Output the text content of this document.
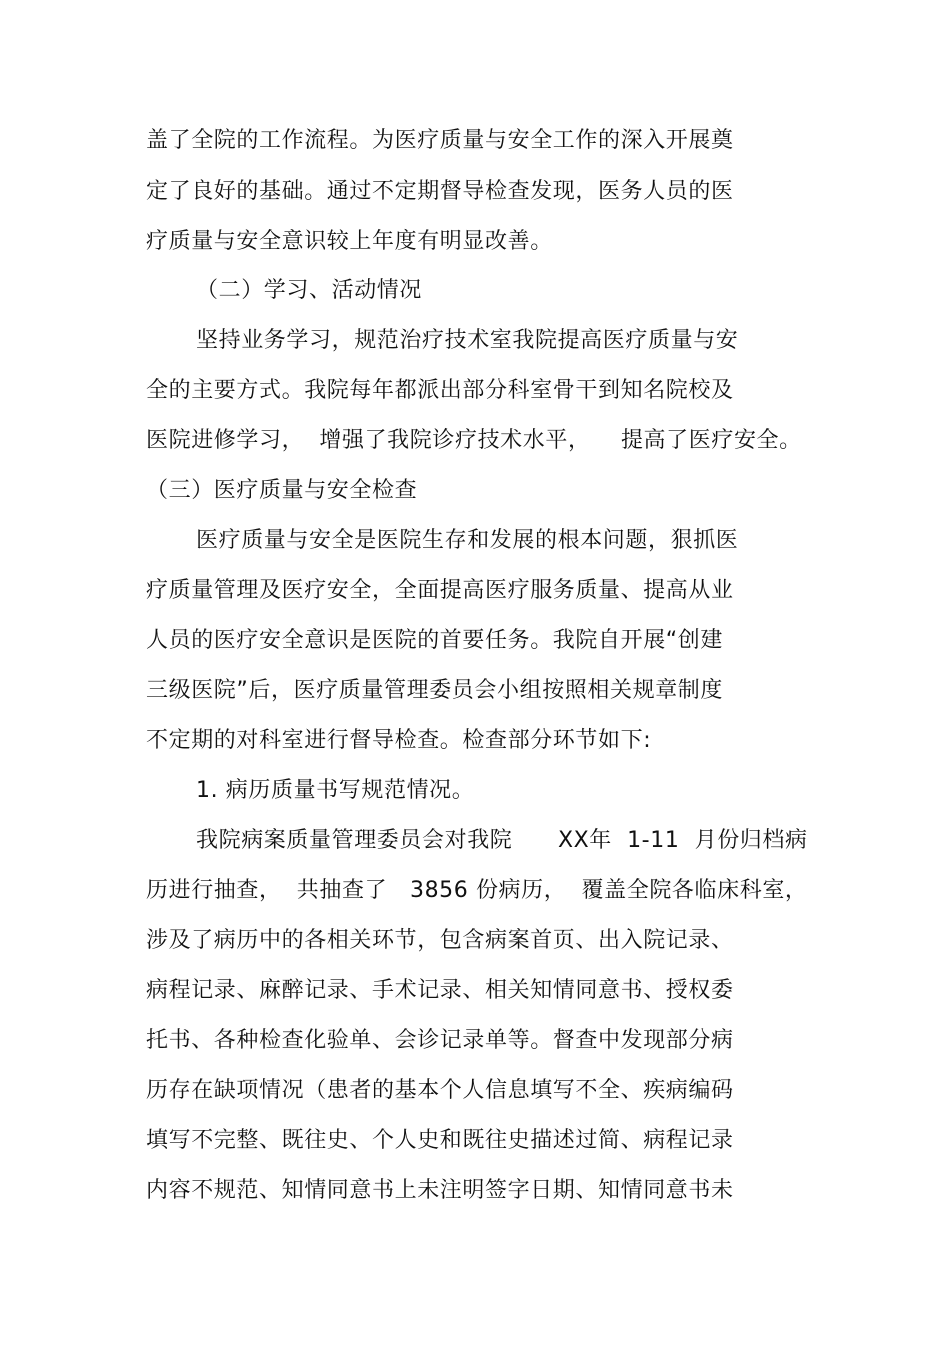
盖了全院的工作流程。为医疗质量与安全工作的深入开展奠
定了良好的基础。通过不定期督导检查发现，医务人员的医
疗质量与安全意识较上年度有明显改善。
（二）学习、活动情况
坚持业务学习，规范治疗技术室我院提高医疗质量与安
全的主要方式。我院每年都派出部分科室骨干到知名院校及
医院进修学习，  增强了我院诊疗技术水平，    提高了医疗安全。
（三）医疗质量与安全检查
医疗质量与安全是医院生存和发展的根本问题，狠抓医
疗质量管理及医疗安全，全面提高医疗服务质量、提高从业
人员的医疗安全意识是医院的首要任务。我院自开展“创建
三级医院”后，医疗质量管理委员会小组按照相关规章制度
不定期的对科室进行督导检查。检查部分环节如下:
1. 病历质量书写规范情况。
我院病案质量管理委员会对我院      XX年  1-11  月份归档病
历进行抽查，  共抽查了   3856 份病历，  覆盖全院各临床科室，
涉及了病历中的各相关环节，包含病案首页、出入院记录、
病程记录、麻醉记录、手术记录、相关知情同意书、授权委
托书、各种检查化验单、会诊记录单等。督查中发现部分病
历存在缺项情况（患者的基本个人信息填写不全、疾病编码
填写不完整、既往史、个人史和既往史描述过简、病程记录
内容不规范、知情同意书上未注明签字日期、知情同意书未
